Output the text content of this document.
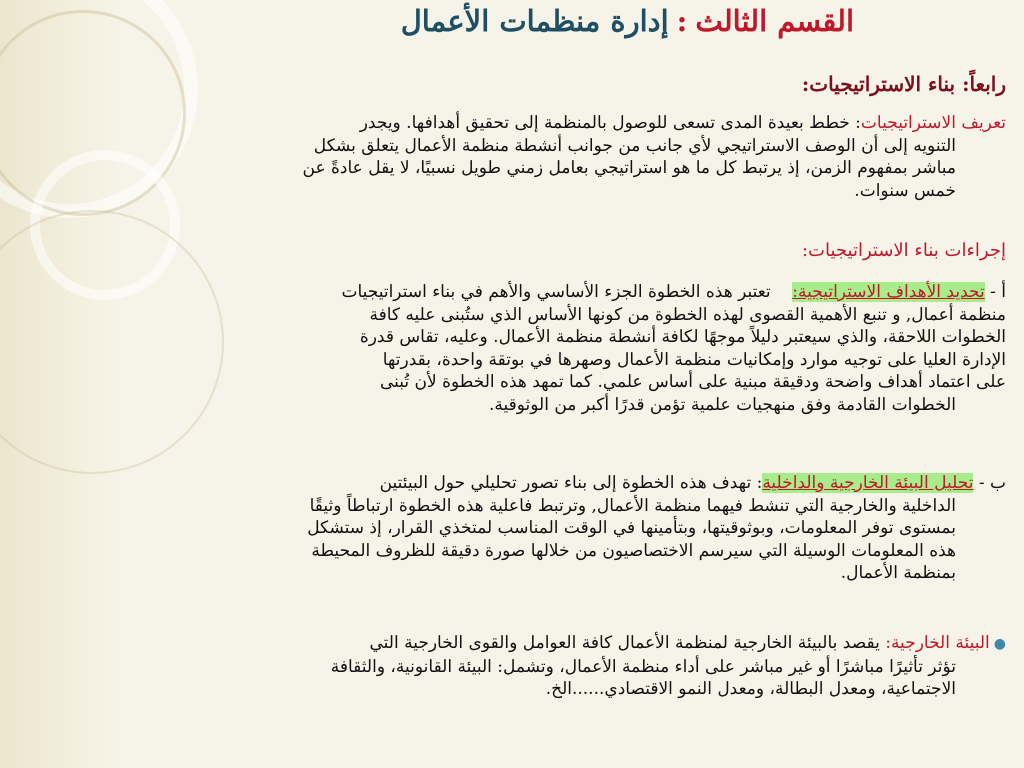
القسم الثالث:إدارة منظمات الأعمال
رابعاً: بناء الاستراتيجيات:
تعريف الاستراتيجيات: خطط بعيدة المدى تسعى للوصول بالمنظمة إلى تحقيق أهدافها. ويجدر
التنويه إلى أن الوصف الاستراتيجي لأي جانب من جوانب أنشطة منظمة الأعمال يتعلق بشكل
مباشر بمفهوم الزمن، إذ يرتبط كل ما هو استراتيجي بعامل زمني طويل نسبيًا، لا يقل عادةً عن
خمس سنوات.
إجراءات بناء الاستراتيجيات:
أ - تحديد الأهداف الاستراتيجية:    تعتبر هذه الخطوة الجزء الأساسي والأهم في بناء استراتيجيات
منظمة أعمال, و تنبع الأهمية القصوى لهذه الخطوة من كونها الأساس الذي ستُبنى عليه كافة
الخطوات اللاحقة، والذي سيعتبر دليلاً موجهًا لكافة أنشطة منظمة الأعمال. وعليه، تقاس قدرة
الإدارة العليا على توجيه موارد وإمكانيات منظمة الأعمال وصهرها في بوتقة واحدة، بقدرتها
على اعتماد أهداف واضحة ودقيقة مبنية على أساس علمي. كما تمهد هذه الخطوة لأن تُبنى
الخطوات القادمة وفق منهجيات علمية تؤمن قدرًا أكبر من الوثوقية.
ب - تحليل البيئة الخارجية والداخلية: تهدف هذه الخطوة إلى بناء تصور تحليلي حول البيئتين
الداخلية والخارجية التي تنشط فيهما منظمة الأعمال, وترتبط فاعلية هذه الخطوة ارتباطاً وثيقًا
بمستوى توفر المعلومات، وبوثوقيتها، وبتأمينها في الوقت المناسب لمتخذي القرار، إذ ستشكل
هذه المعلومات الوسيلة التي سيرسم الاختصاصيون من خلالها صورة دقيقة للظروف المحيطة
بمنظمة الأعمال.
●البيئة الخارجية: يقصد بالبيئة الخارجية لمنظمة الأعمال كافة العوامل والقوى الخارجية التي
تؤثر تأثيرًا مباشرًا أو غير مباشر على أداء منظمة الأعمال، وتشمل: البيئة القانونية، والثقافة
الاجتماعية، ومعدل البطالة، ومعدل النمو الاقتصادي......الخ.
